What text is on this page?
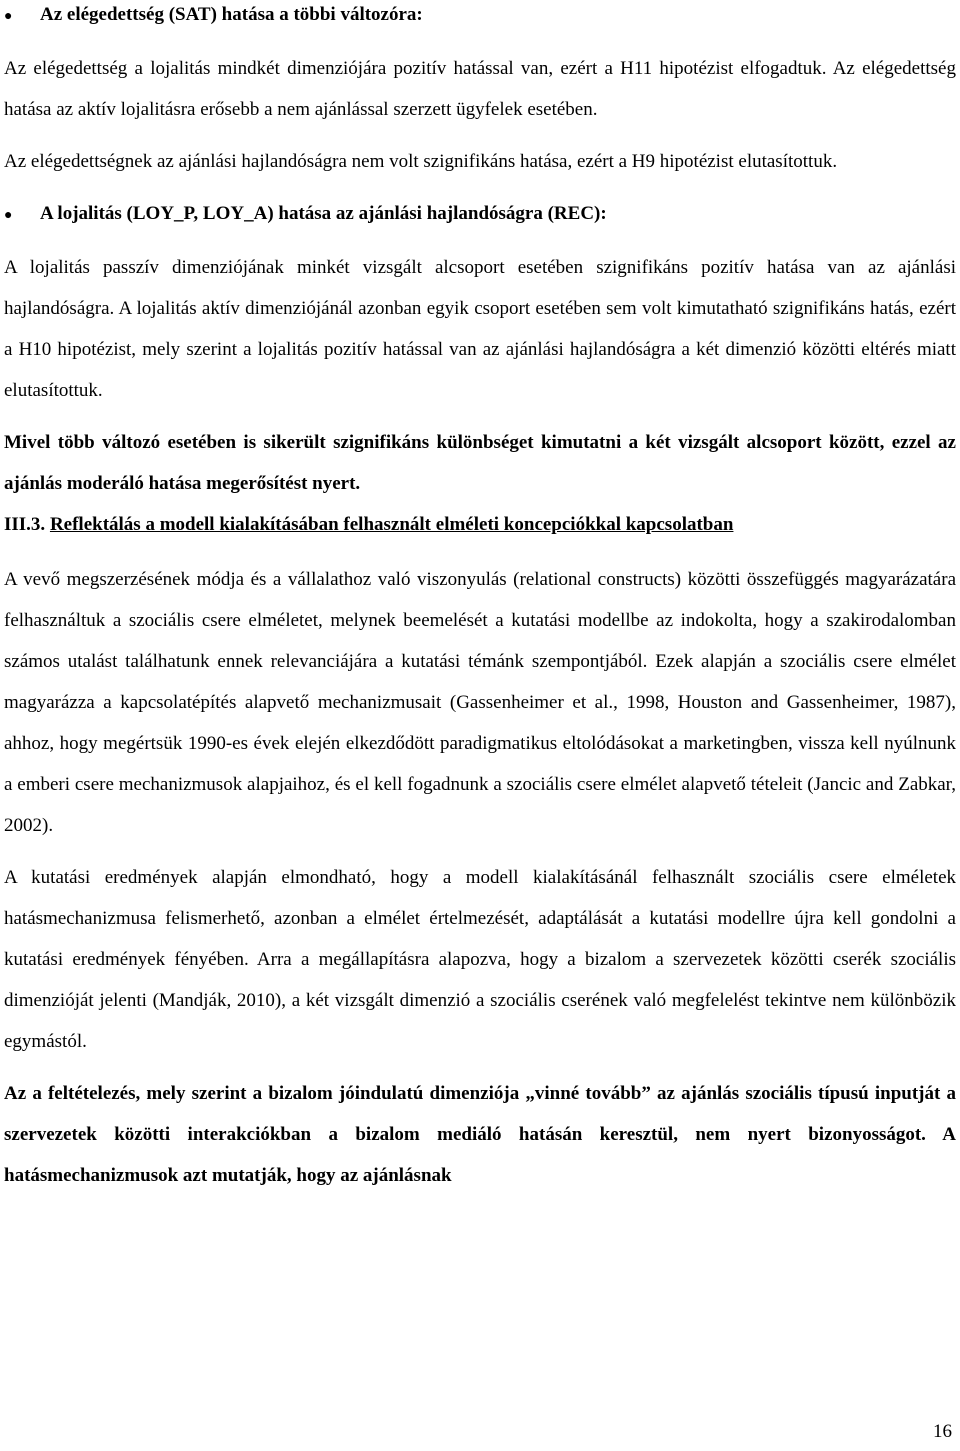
●	Az elégedettség (SAT) hatása a többi változóra:

Az elégedettség a lojalitás mindkét dimenziójára pozitív hatással van, ezért a H11 hipotézist elfogadtuk. Az elégedettség hatása az aktív lojalitásra erősebb a nem ajánlással szerzett ügyfelek esetében.

Az elégedettségnek az ajánlási hajlandóságra nem volt szignifikáns hatása, ezért a H9 hipotézist elutasítottuk.

●	A lojalitás (LOY_P, LOY_A) hatása az ajánlási hajlandóságra (REC):

A lojalitás passzív dimenziójának minkét vizsgált alcsoport esetében szignifikáns pozitív hatása van az ajánlási hajlandóságra. A lojalitás aktív dimenziójánál azonban egyik csoport esetében sem volt kimutatható szignifikáns hatás, ezért a H10 hipotézist, mely szerint a lojalitás pozitív hatással van az ajánlási hajlandóságra a két dimenzió közötti eltérés miatt elutasítottuk.

Mivel több változó esetében is sikerült szignifikáns különbséget kimutatni a két vizsgált alcsoport között, ezzel az ajánlás moderáló hatása megerősítést nyert.

III.3. Reflektálás a modell kialakításában felhasznált elméleti koncepciókkal kapcsolatban

A vevő megszerzésének módja és a vállalathoz való viszonyulás (relational constructs) közötti összefüggés magyarázatára felhasználtuk a szociális csere elméletet, melynek beemelését a kutatási modellbe az indokolta, hogy a szakirodalomban számos utalást találhatunk ennek relevanciájára a kutatási témánk szempontjából. Ezek alapján a szociális csere elmélet magyarázza a kapcsolatépítés alapvető mechanizmusait (Gassenheimer et al., 1998, Houston and Gassenheimer, 1987), ahhoz, hogy megértsük 1990-es évek elején elkezdődött paradigmatikus eltolódásokat a marketingben, vissza kell nyúlnunk a emberi csere mechanizmusok alapjaihoz, és el kell fogadnunk a szociális csere elmélet alapvető tételeit (Jancic and Zabkar, 2002).

A kutatási eredmények alapján elmondható, hogy a modell kialakításánál felhasznált szociális csere elméletek hatásmechanizmusa felismerhető, azonban a elmélet értelmezését, adaptálását a kutatási modellre újra kell gondolni a kutatási eredmények fényében. Arra a megállapításra alapozva, hogy a bizalom a szervezetek közötti cserék szociális dimenzióját jelenti (Mandják, 2010), a két vizsgált dimenzió a szociális cserének való megfelelést tekintve nem különbözik egymástól.

Az a feltételezés, mely szerint a bizalom jóindulatú dimenziója „vinné tovább” az ajánlás szociális típusú inputját a szervezetek közötti interakciókban a bizalom mediáló hatásán keresztül, nem nyert bizonyosságot. A hatásmechanizmusok azt mutatják, hogy az ajánlásnak

16
